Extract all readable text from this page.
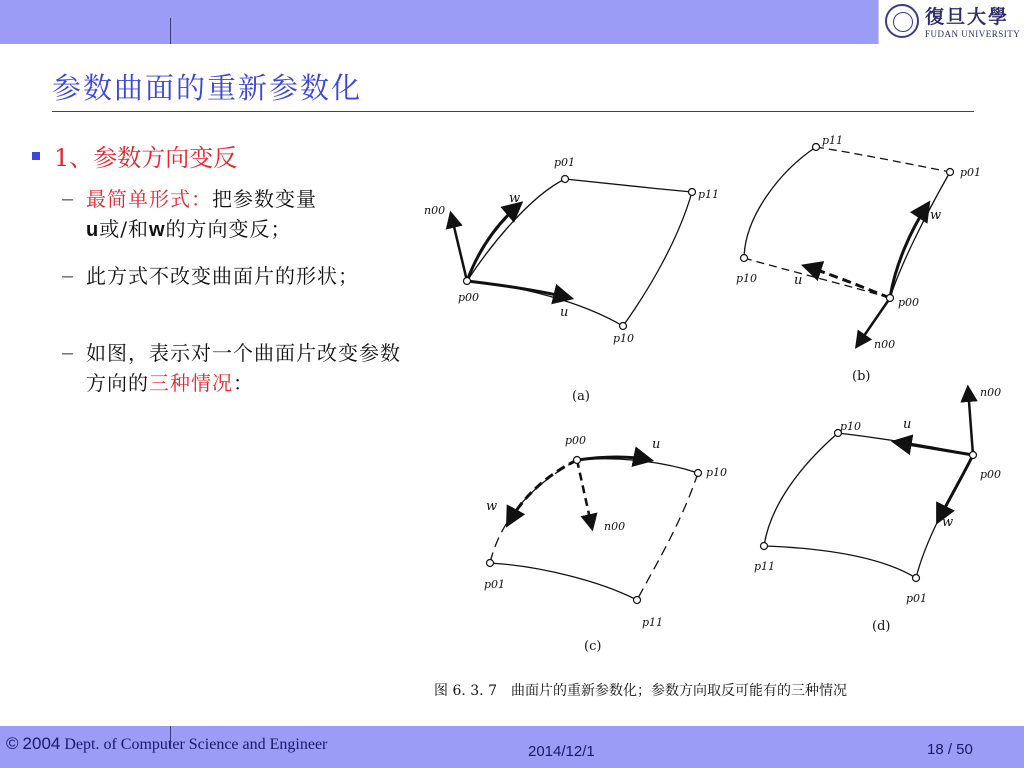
復旦大學
FUDAN UNIVERSITY
参数曲面的重新参数化
1、参数方向变反
– 最简单形式：把参数变量
u或/和w的方向变反；
– 此方式不改变曲面片的形状；
– 如图，表示对一个曲面片改变参数方向的三种情况：
p00
p01
p11
p10
n00
w
u
(a)
p11
p01
p10
p00
n00
w
u
(b)
p00
p10
p01
p11
n00
u
w
(c)
p10
p00
p11
p01
n00
u
w
(d)
图 6. 3. 7　曲面片的重新参数化；参数方向取反可能有的三种情况
© 2004 Dept. of Computer Science and Engineer	2014/12/1	18 / 50
